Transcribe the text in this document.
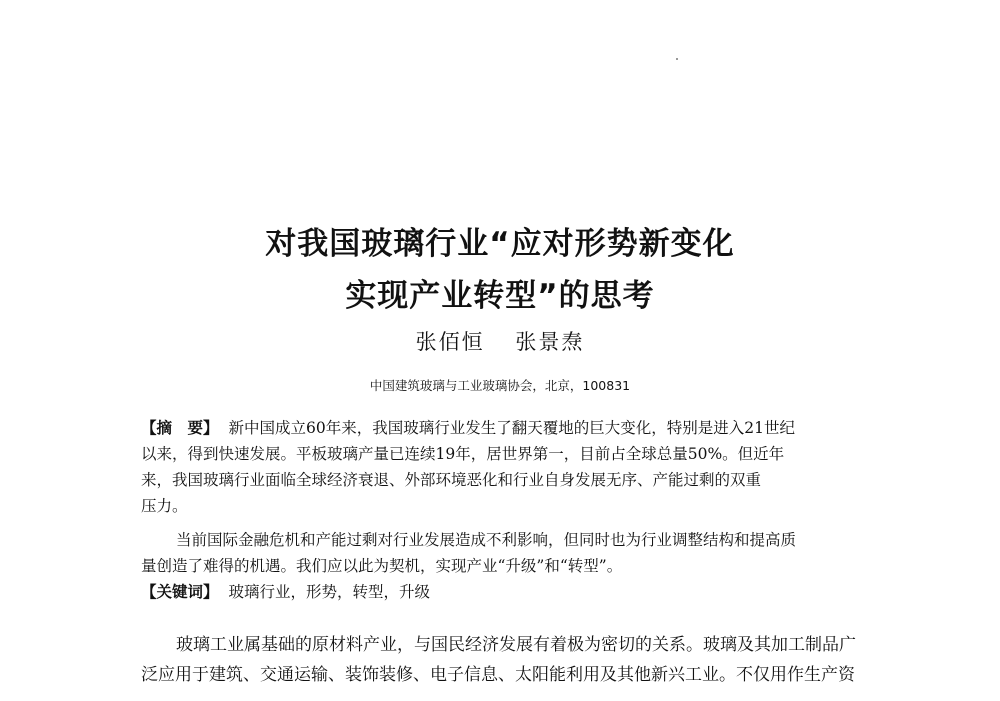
对我国玻璃行业“应对形势新变化
实现产业转型”的思考
张佰恒 张景焘
中国建筑玻璃与工业玻璃协会，北京，100831
【摘　要】 新中国成立60年来，我国玻璃行业发生了翻天覆地的巨大变化，特别是进入21世纪
以来，得到快速发展。平板玻璃产量已连续19年，居世界第一，目前占全球总量50%。但近年
来，我国玻璃行业面临全球经济衰退、外部环境恶化和行业自身发展无序、产能过剩的双重
压力。
当前国际金融危机和产能过剩对行业发展造成不利影响，但同时也为行业调整结构和提高质
量创造了难得的机遇。我们应以此为契机，实现产业“升级”和“转型”。
【关键词】 玻璃行业，形势，转型，升级
玻璃工业属基础的原材料产业，与国民经济发展有着极为密切的关系。玻璃及其加工制品广
泛应用于建筑、交通运输、装饰装修、电子信息、太阳能利用及其他新兴工业。不仅用作生产资
